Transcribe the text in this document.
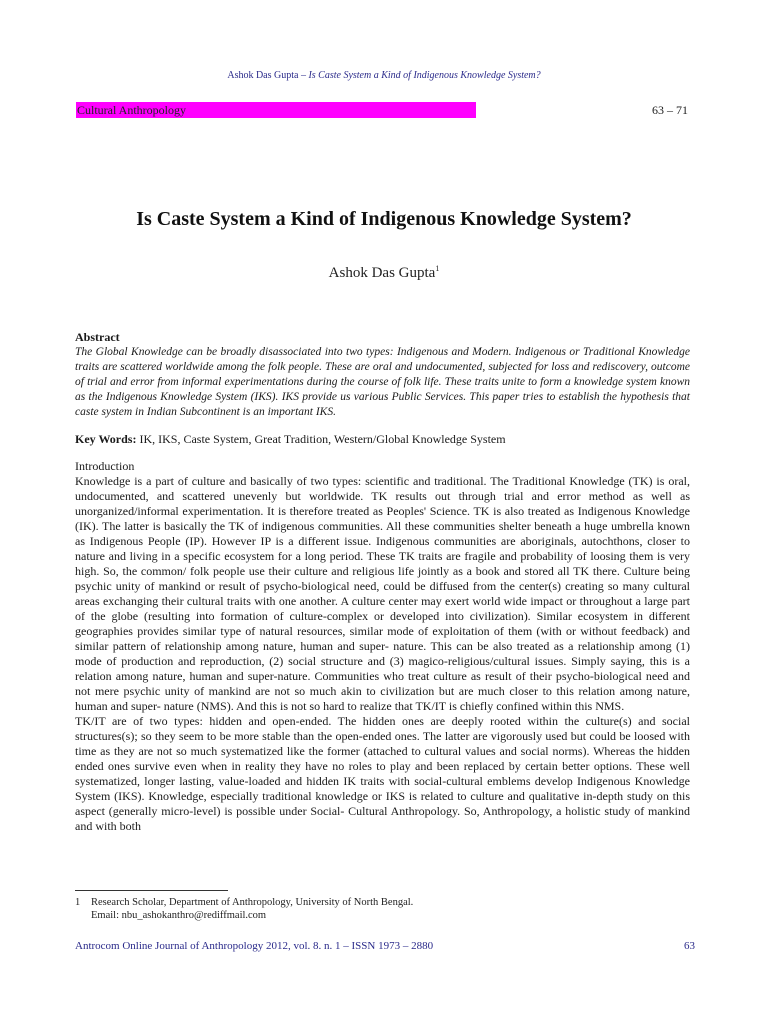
Ashok Das Gupta – Is Caste System a Kind of Indigenous Knowledge System?
Cultural Anthropology	63 – 71
Is Caste System a Kind of Indigenous Knowledge System?
Ashok Das Gupta$^1$

Abstract

The Global Knowledge can be broadly disassociated into two types: Indigenous and Modern. Indigenous or Traditional Knowledge traits are scattered worldwide among the folk people. These are oral and undocumented, subjected for loss and rediscovery, outcome of trial and error from informal experimentations during the course of folk life. These traits unite to form a knowledge system known as the Indigenous Knowledge System (IKS). IKS provide us various Public Services. This paper tries to establish the hypothesis that caste system in Indian Subcontinent is an important IKS.

Key Words: IK, IKS, Caste System, Great Tradition, Western/Global Knowledge System

Introduction

Knowledge is a part of culture and basically of two types: scientific and traditional. The Traditional Knowledge (TK) is oral, undocumented, and scattered unevenly but worldwide. TK results out through trial and error method as well as unorganized/informal experimentation. It is therefore treated as Peoples' Science. TK is also treated as Indigenous Knowledge (IK). The latter is basically the TK of indigenous communities. All these communities shelter beneath a huge umbrella known as Indigenous People (IP). However IP is a different issue. Indigenous communities are aboriginals, autochthons, closer to nature and living in a specific ecosystem for a long period. These TK traits are fragile and probability of loosing them is very high. So, the common/ folk people use their culture and religious life jointly as a book and stored all TK there. Culture being psychic unity of mankind or result of psycho-biological need, could be diffused from the center(s) creating so many cultural areas exchanging their cultural traits with one another. A culture center may exert world wide impact or throughout a large part of the globe (resulting into formation of culture-complex or developed into civilization). Similar ecosystem in different geographies provides similar type of natural resources, similar mode of exploitation of them (with or without feedback) and similar pattern of relationship among nature, human and super- nature. This can be also treated as a relationship among (1) mode of production and reproduction, (2) social structure and (3) magico-religious/cultural issues. Simply saying, this is a relation among nature, human and super-nature. Communities who treat culture as result of their psycho-biological need and not mere psychic unity of mankind are not so much akin to civilization but are much closer to this relation among nature, human and super- nature (NMS). And this is not so hard to realize that TK/IT is chiefly confined within this NMS.

TK/IT are of two types: hidden and open-ended. The hidden ones are deeply rooted within the culture(s) and social structures(s); so they seem to be more stable than the open-ended ones. The latter are vigorously used but could be loosed with time as they are not so much systematized like the former (attached to cultural values and social norms). Whereas the hidden ended ones survive even when in reality they have no roles to play and been replaced by certain better options. These well systematized, longer lasting, value-loaded and hidden IK traits with social-cultural emblems develop Indigenous Knowledge System (IKS). Knowledge, especially traditional knowledge or IKS is related to culture and qualitative in-depth study on this aspect (generally micro-level) is possible under Social- Cultural Anthropology. So, Anthropology, a holistic study of mankind and with both

1 Research Scholar, Department of Anthropology, University of North Bengal.
Email: nbu_ashokanthro@rediffmail.com
Antrocom Online Journal of Anthropology 2012, vol. 8. n. 1 – ISSN 1973 – 2880	63
